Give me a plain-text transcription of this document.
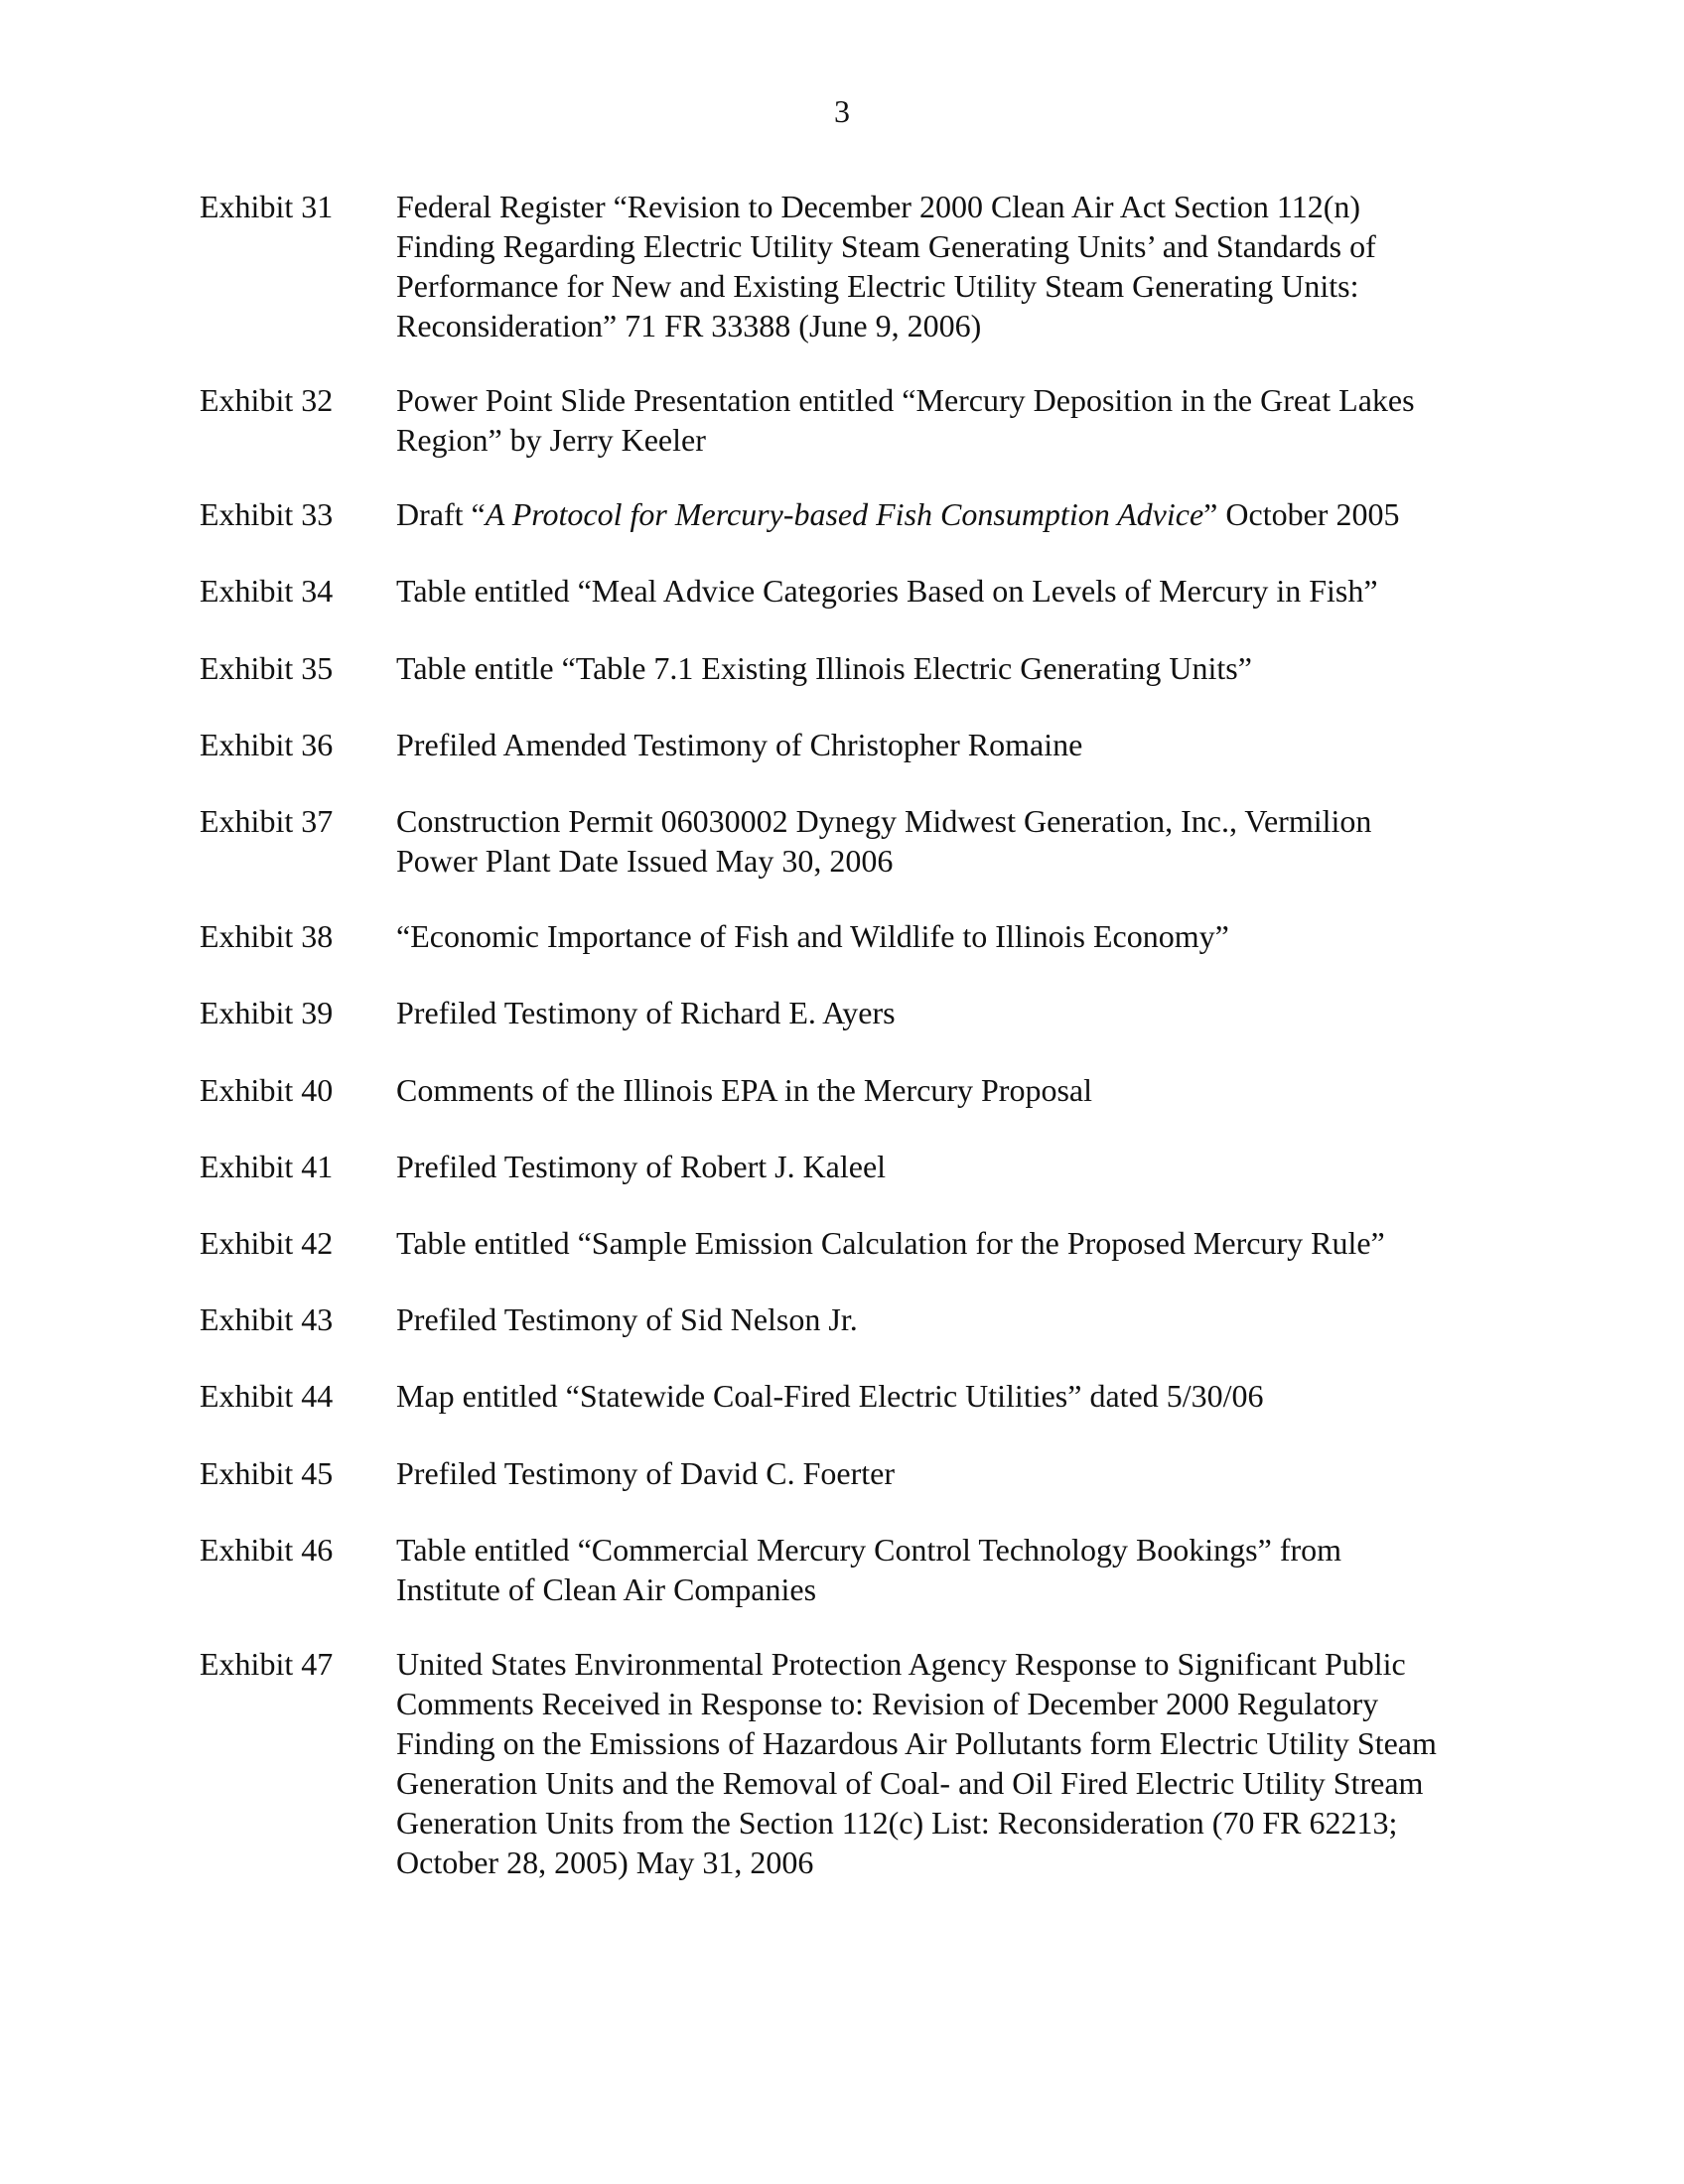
3
Exhibit 31 Federal Register “Revision to December 2000 Clean Air Act Section 112(n)
Finding Regarding Electric Utility Steam Generating Units’ and Standards of
Performance for New and Existing Electric Utility Steam Generating Units:
Reconsideration” 71 FR 33388 (June 9, 2006)
Exhibit 32 Power Point Slide Presentation entitled “Mercury Deposition in the Great Lakes
Region” by Jerry Keeler
Exhibit 33 Draft “A Protocol for Mercury-based Fish Consumption Advice” October 2005
Exhibit 34 Table entitled “Meal Advice Categories Based on Levels of Mercury in Fish”
Exhibit 35 Table entitle “Table 7.1 Existing Illinois Electric Generating Units”
Exhibit 36 Prefiled Amended Testimony of Christopher Romaine
Exhibit 37 Construction Permit 06030002 Dynegy Midwest Generation, Inc., Vermilion
Power Plant Date Issued May 30, 2006
Exhibit 38 “Economic Importance of Fish and Wildlife to Illinois Economy”
Exhibit 39 Prefiled Testimony of Richard E. Ayers
Exhibit 40 Comments of the Illinois EPA in the Mercury Proposal
Exhibit 41 Prefiled Testimony of Robert J. Kaleel
Exhibit 42 Table entitled “Sample Emission Calculation for the Proposed Mercury Rule”
Exhibit 43 Prefiled Testimony of Sid Nelson Jr.
Exhibit 44 Map entitled “Statewide Coal-Fired Electric Utilities” dated 5/30/06
Exhibit 45 Prefiled Testimony of David C. Foerter
Exhibit 46 Table entitled “Commercial Mercury Control Technology Bookings” from
Institute of Clean Air Companies
Exhibit 47 United States Environmental Protection Agency Response to Significant Public
Comments Received in Response to: Revision of December 2000 Regulatory
Finding on the Emissions of Hazardous Air Pollutants form Electric Utility Steam
Generation Units and the Removal of Coal- and Oil Fired Electric Utility Stream
Generation Units from the Section 112(c) List: Reconsideration (70 FR 62213;
October 28, 2005) May 31, 2006
